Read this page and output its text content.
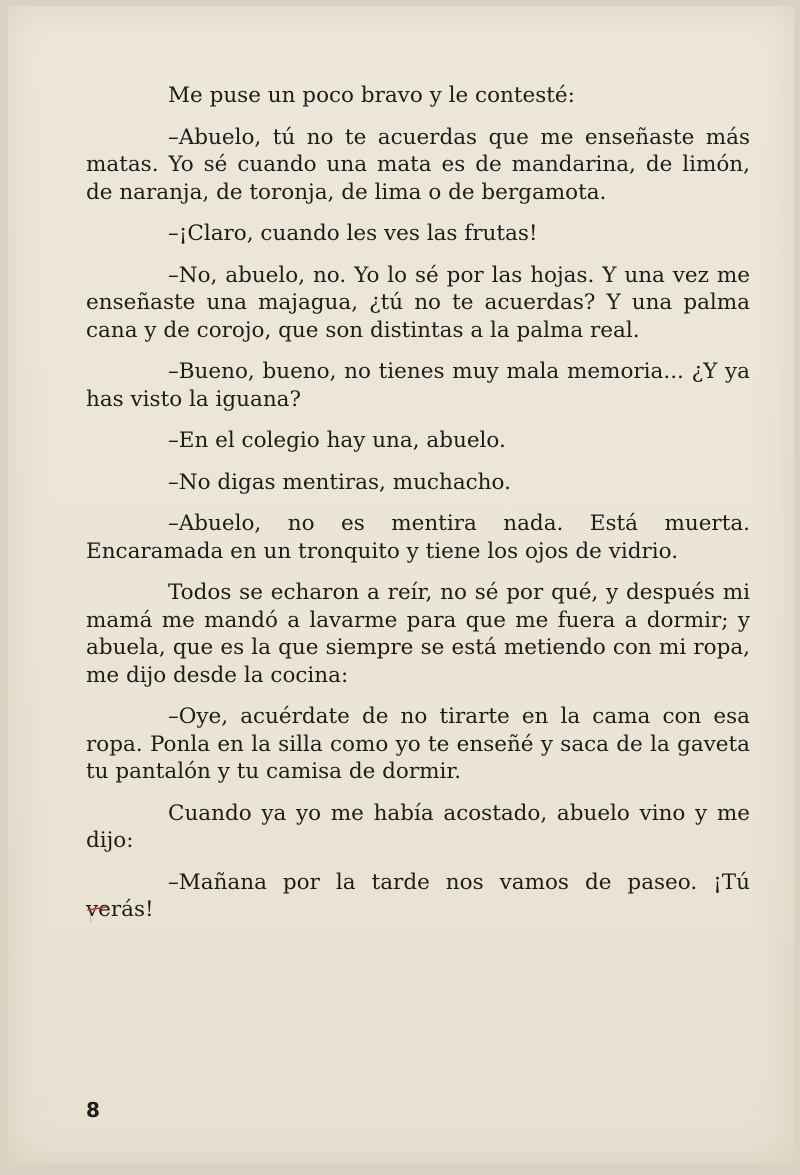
Me puse un poco bravo y le contesté:

–Abuelo, tú no te acuerdas que me enseñaste más matas. Yo sé cuando una mata es de mandarina, de limón, de naranja, de toronja, de lima o de bergamota.

–¡Claro, cuando les ves las frutas!

–No, abuelo, no. Yo lo sé por las hojas. Y una vez me enseñaste una majagua, ¿tú no te acuerdas? Y una palma cana y de corojo, que son distintas a la palma real.

–Bueno, bueno, no tienes muy mala memoria... ¿Y ya has visto la iguana?

–En el colegio hay una, abuelo.

–No digas mentiras, muchacho.

–Abuelo, no es mentira nada. Está muerta. Encaramada en un tronquito y tiene los ojos de vidrio.

Todos se echaron a reír, no sé por qué, y después mi mamá me mandó a lavarme para que me fuera a dormir; y abuela, que es la que siempre se está metiendo con mi ropa, me dijo desde la cocina:

–Oye, acuérdate de no tirarte en la cama con esa ropa. Ponla en la silla como yo te enseñé y saca de la gaveta tu pantalón y tu camisa de dormir.

Cuando ya yo me había acostado, abuelo vino y me dijo:

–Mañana por la tarde nos vamos de paseo. ¡Tú verás!

8
